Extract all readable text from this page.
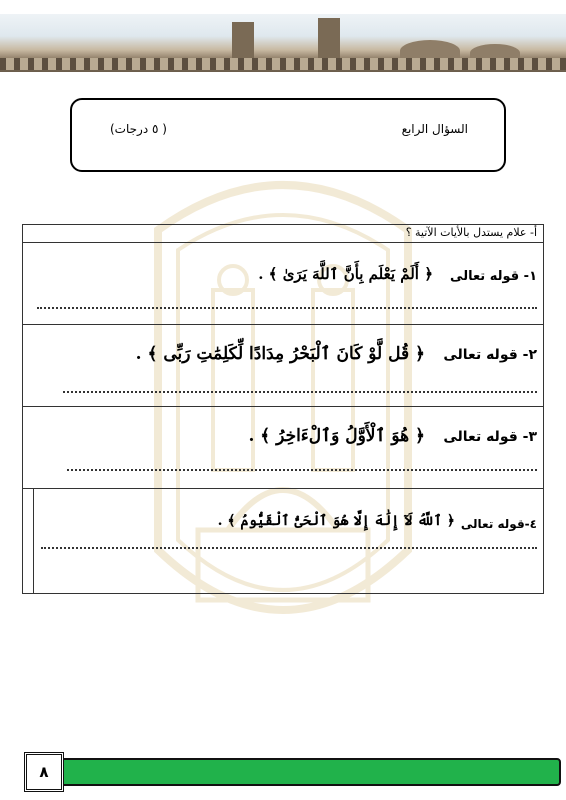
السؤال الرابع
( ٥ درجات)
أ- علام يستدل بالأيات الآتية ؟
١- قوله تعالى
﴿ أَلَمْ يَعْلَم بِأَنَّ ٱللَّهَ يَرَىٰ ﴾ .
٢- قوله تعالى
﴿ قُل لَّوْ كَانَ ٱلْبَحْرُ مِدَادًا لِّكَلِمَٰتِ رَبِّى ﴾ .
٣- قوله تعالى
﴿ هُوَ ٱلْأَوَّلُ وَٱلْءَاخِرُ ﴾ .
٤-قوله تعالى
﴿ ٱللَّهُ لَآ إِلَٰهَ إِلَّا هُوَ ٱلْحَىُّ ٱلْقَيُّومُ ﴾ .
٨
